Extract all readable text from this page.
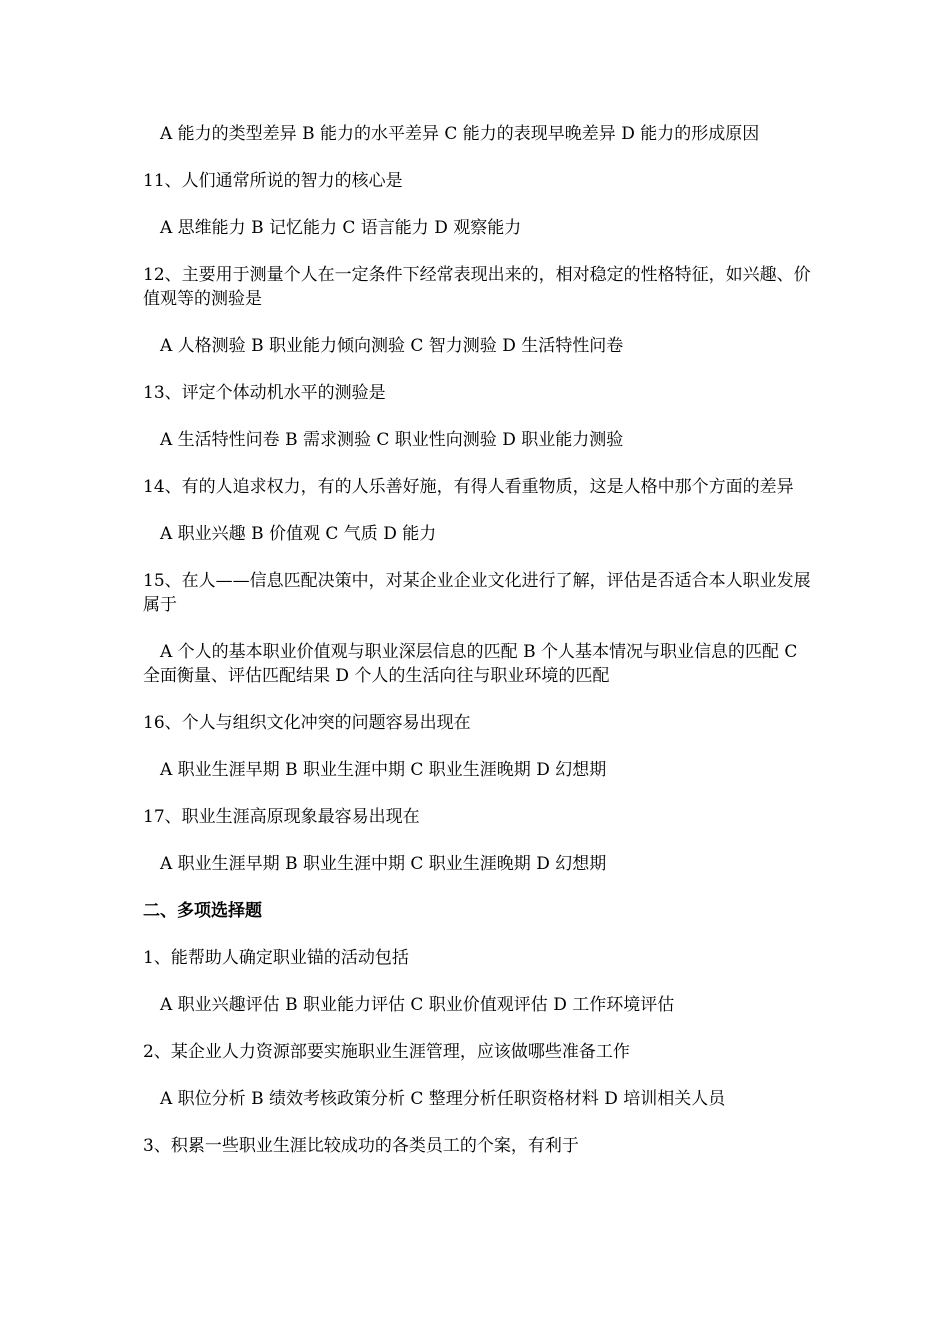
A 能力的类型差异 B 能力的水平差异 C 能力的表现早晚差异 D 能力的形成原因

11、人们通常所说的智力的核心是

A 思维能力 B 记忆能力 C 语言能力 D 观察能力

12、主要用于测量个人在一定条件下经常表现出来的，相对稳定的性格特征，如兴趣、价值观等的测验是

A 人格测验 B 职业能力倾向测验 C 智力测验 D 生活特性问卷

13、评定个体动机水平的测验是

A 生活特性问卷 B 需求测验 C 职业性向测验 D 职业能力测验

14、有的人追求权力，有的人乐善好施，有得人看重物质，这是人格中那个方面的差异

A 职业兴趣 B 价值观 C 气质 D 能力

15、在人——信息匹配决策中，对某企业企业文化进行了解，评估是否适合本人职业发展属于

A 个人的基本职业价值观与职业深层信息的匹配 B 个人基本情况与职业信息的匹配 C 全面衡量、评估匹配结果 D 个人的生活向往与职业环境的匹配

16、个人与组织文化冲突的问题容易出现在

A 职业生涯早期 B 职业生涯中期 C 职业生涯晚期 D 幻想期

17、职业生涯高原现象最容易出现在

A 职业生涯早期 B 职业生涯中期 C 职业生涯晚期 D 幻想期

二、多项选择题

1、能帮助人确定职业锚的活动包括

A 职业兴趣评估 B 职业能力评估 C 职业价值观评估 D 工作环境评估

2、某企业人力资源部要实施职业生涯管理，应该做哪些准备工作

A 职位分析 B 绩效考核政策分析 C 整理分析任职资格材料 D 培训相关人员

3、积累一些职业生涯比较成功的各类员工的个案，有利于
